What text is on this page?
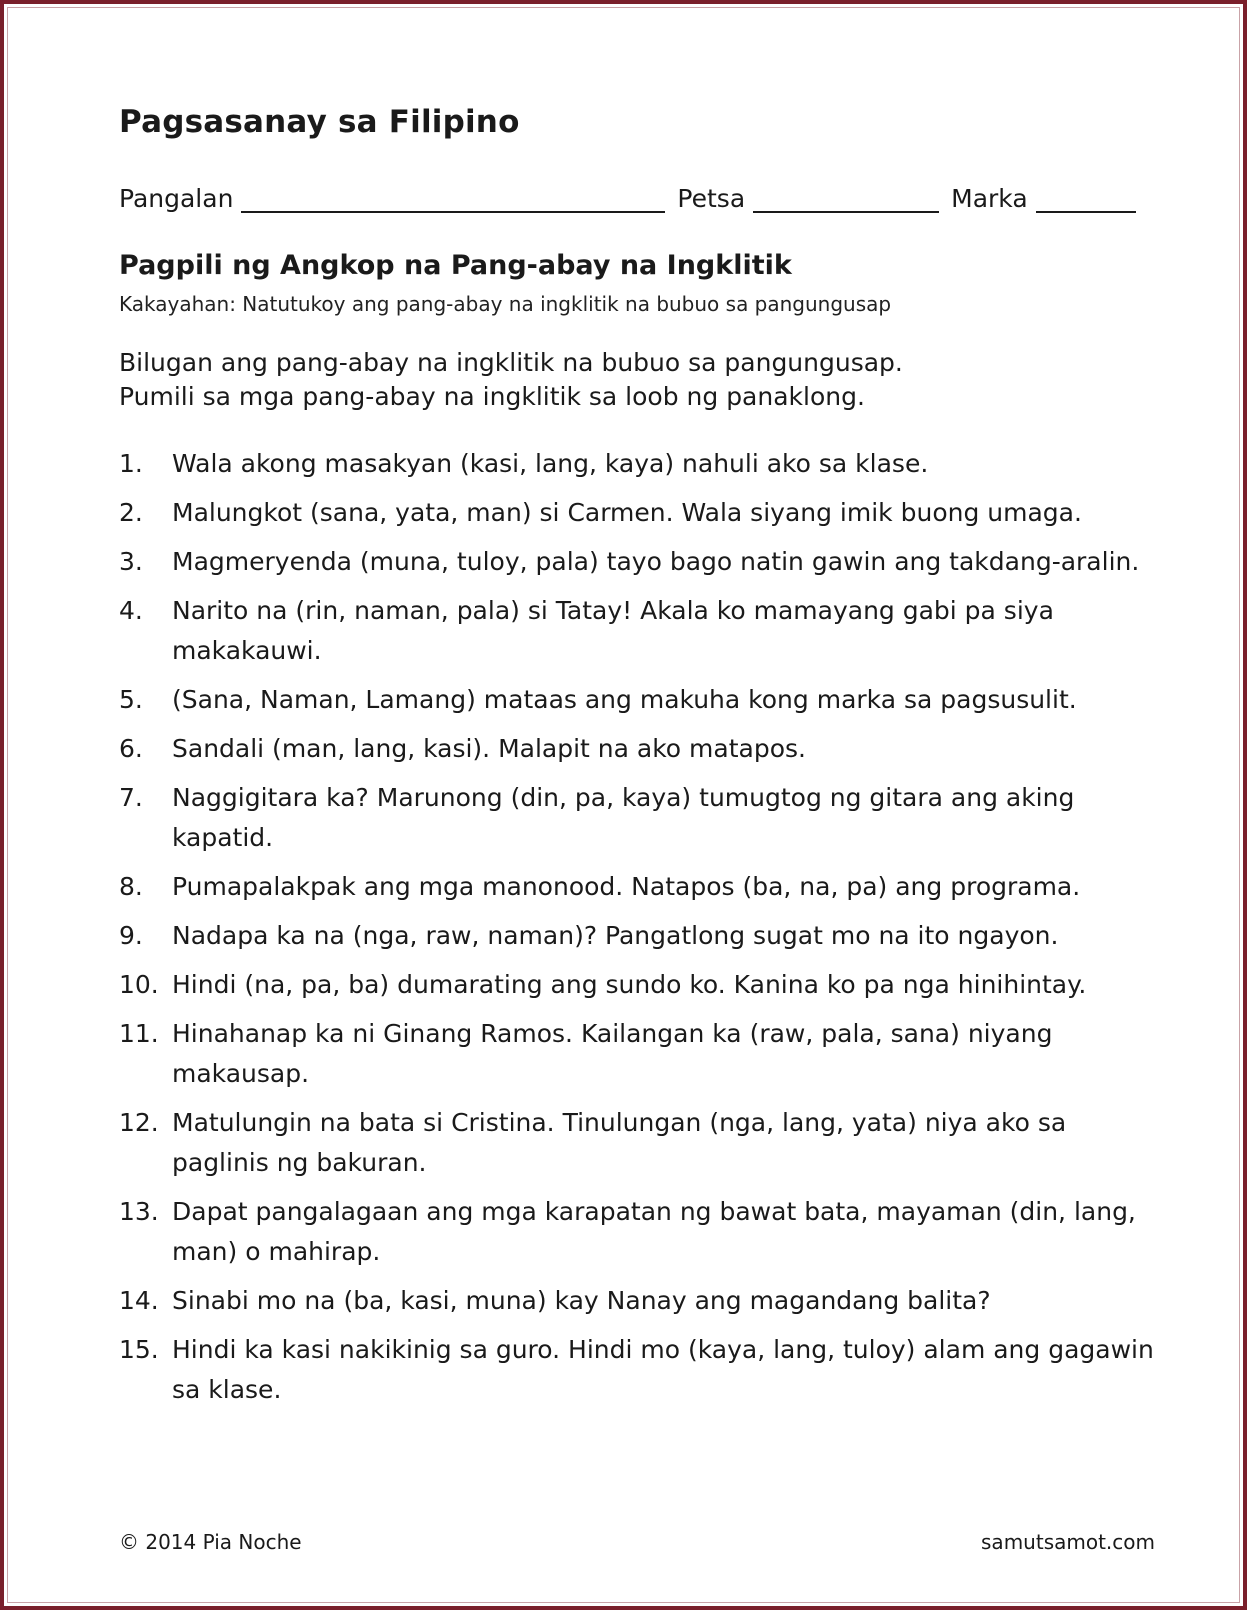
Pagsasanay sa Filipino
Pangalan	Petsa	Marka
Pagpili ng Angkop na Pang-abay na Ingklitik
Kakayahan: Natutukoy ang pang-abay na ingklitik na bubuo sa pangungusap
Bilugan ang pang-abay na ingklitik na bubuo sa pangungusap.
Pumili sa mga pang-abay na ingklitik sa loob ng panaklong.
1.	Wala akong masakyan (kasi, lang, kaya) nahuli ako sa klase.
2.	Malungkot (sana, yata, man) si Carmen. Wala siyang imik buong umaga.
3.	Magmeryenda (muna, tuloy, pala) tayo bago natin gawin ang takdang-aralin.
4.	Narito na (rin, naman, pala) si Tatay! Akala ko mamayang gabi pa siya makakauwi.
5.	(Sana, Naman, Lamang) mataas ang makuha kong marka sa pagsusulit.
6.	Sandali (man, lang, kasi). Malapit na ako matapos.
7.	Naggigitara ka? Marunong (din, pa, kaya) tumugtog ng gitara ang aking kapatid.
8.	Pumapalakpak ang mga manonood. Natapos (ba, na, pa) ang programa.
9.	Nadapa ka na (nga, raw, naman)? Pangatlong sugat mo na ito ngayon.
10. Hindi (na, pa, ba) dumarating ang sundo ko. Kanina ko pa nga hinihintay.
11. Hinahanap ka ni Ginang Ramos. Kailangan ka (raw, pala, sana) niyang makausap.
12. Matulungin na bata si Cristina. Tinulungan (nga, lang, yata) niya ako sa paglinis ng bakuran.
13. Dapat pangalagaan ang mga karapatan ng bawat bata, mayaman (din, lang, man) o mahirap.
14. Sinabi mo na (ba, kasi, muna) kay Nanay ang magandang balita?
15. Hindi ka kasi nakikinig sa guro. Hindi mo (kaya, lang, tuloy) alam ang gagawin sa klase.
© 2014 Pia Noche	samutsamot.com
